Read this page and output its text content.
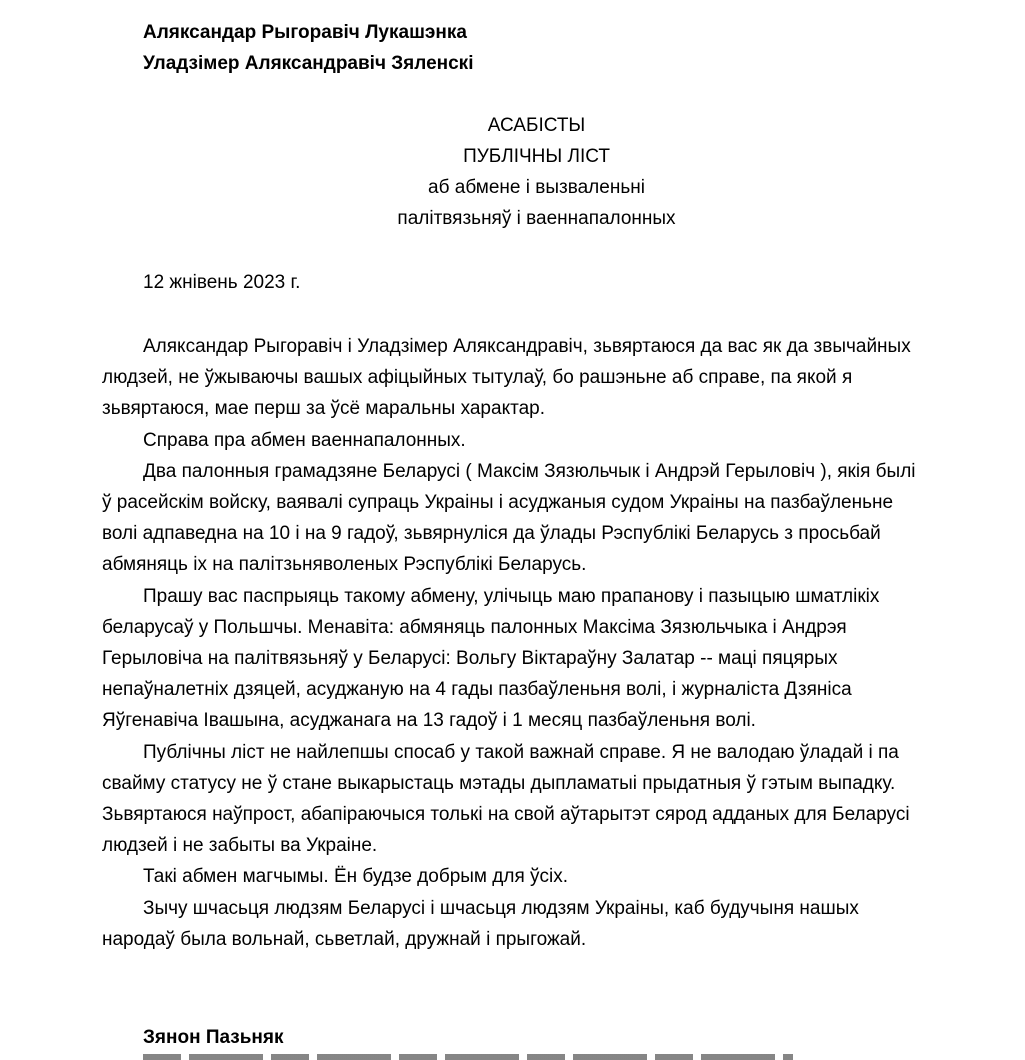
Аляксандар Рыгоравіч Лукашэнка
Уладзімер Аляксандравіч Зяленскі
АСАБІСТЫ
ПУБЛІЧНЫ ЛІСТ
аб абмене і вызваленьні
палітвязьняў і ваеннапалонных
12 жнівень 2023 г.

Аляксандар Рыгоравіч і Уладзімер Аляксандравіч, зьвяртаюся да вас як да звычайных людзей, не ўжываючы вашых афіцыйных тытулаў, бо рашэньне аб справе, па якой я зьвяртаюся, мае перш за ўсё маральны характар.

Справа пра абмен ваеннапалонных.

Два палонныя грамадзяне Беларусі ( Максім Зязюльчык і Андрэй Герыловіч ), якія былі ў расейскім войску, ваявалі супраць Украіны і асуджаныя судом Украіны на пазбаўленьне волі адпаведна на 10 і на 9 гадоў, зьвярнуліся да ўлады Рэспублікі Беларусь з просьбай абмяняць іх на палітзьняволеных Рэспублікі Беларусь.

Прашу вас паспрыяць такому абмену, улічыць маю прапанову і пазыцыю шматлікіх беларусаў у Польшчы. Менавіта: абмяняць палонных Максіма Зязюльчыка і Андрэя Герыловіча на палітвязьняў у Беларусі: Вольгу Віктараўну Залатар -- маці пяцярых непаўналетніх дзяцей, асуджаную на 4 гады пазбаўленьня волі, і журналіста Дзяніса Яўгенавіча Івашына, асуджанага на 13 гадоў і 1 месяц пазбаўленьня волі.

Публічны ліст не найлепшы спосаб у такой важнай справе. Я не валодаю ўладай і па свайму статусу не ў стане выкарыстаць мэтады дыпламатыі прыдатныя ў гэтым выпадку. Зьвяртаюся наўпрост, абапіраючыся толькі на свой аўтарытэт сярод адданых для Беларусі людзей і не забыты ва Украіне.

Такі абмен магчымы. Ён будзе добрым для ўсіх.

Зычу шчасьця людзям Беларусі і шчасьця людзям Украіны, каб будучыня нашых народаў была вольнай, сьветлай, дружнай і прыгожай.

Зянон Пазьняк
